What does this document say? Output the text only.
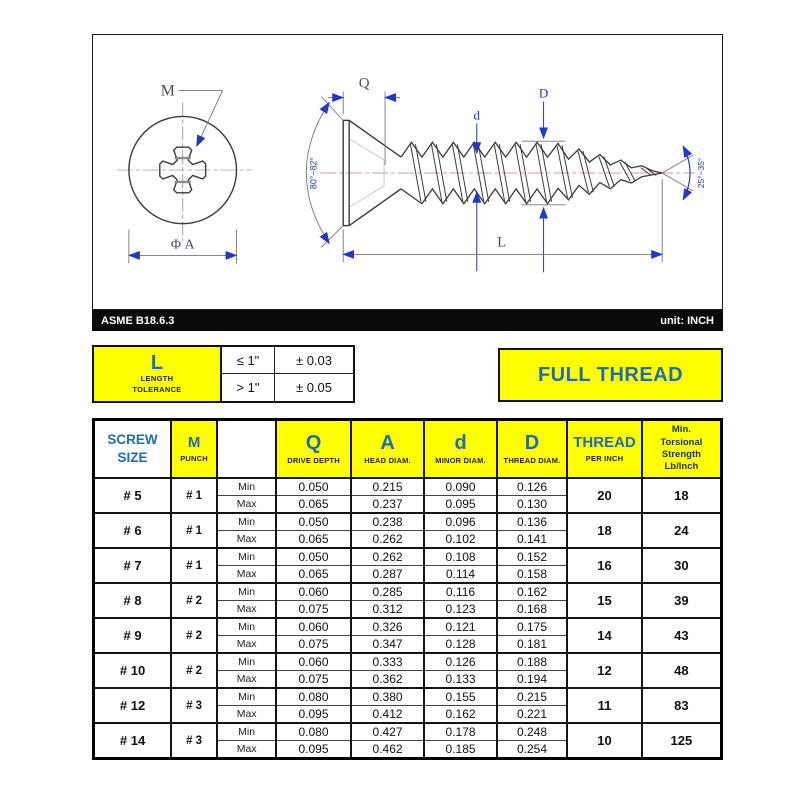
M
Φ A
Q
80°~82°
d
D
L
25°~35°
ASME B18.6.3	unit: INCH
L
LENGTH
TOLERANCE
≤ 1"	± 0.03
> 1"	± 0.05
FULL THREAD
SCREW
SIZE

M
PUNCH

Q
DRIVE DEPTH

A
HEAD DIAM.

d
MINOR DIAM.

D
THREAD DIAM.

THREAD
PER INCH

Min.
Torsional
Strength
Lb/Inch

# 5	# 1	Min	0.050	0.215	0.090	0.126	20	18
		Max	0.065	0.237	0.095	0.130		
# 6	# 1	Min	0.050	0.238	0.096	0.136	18	24
		Max	0.065	0.262	0.102	0.141		
# 7	# 1	Min	0.050	0.262	0.108	0.152	16	30
		Max	0.065	0.287	0.114	0.158		
# 8	# 2	Min	0.060	0.285	0.116	0.162	15	39
		Max	0.075	0.312	0.123	0.168		
# 9	# 2	Min	0.060	0.326	0.121	0.175	14	43
		Max	0.075	0.347	0.128	0.181		
# 10	# 2	Min	0.060	0.333	0.126	0.188	12	48
		Max	0.075	0.362	0.133	0.194		
# 12	# 3	Min	0.080	0.380	0.155	0.215	11	83
		Max	0.095	0.412	0.162	0.221		
# 14	# 3	Min	0.080	0.427	0.178	0.248	10	125
		Max	0.095	0.462	0.185	0.254		
